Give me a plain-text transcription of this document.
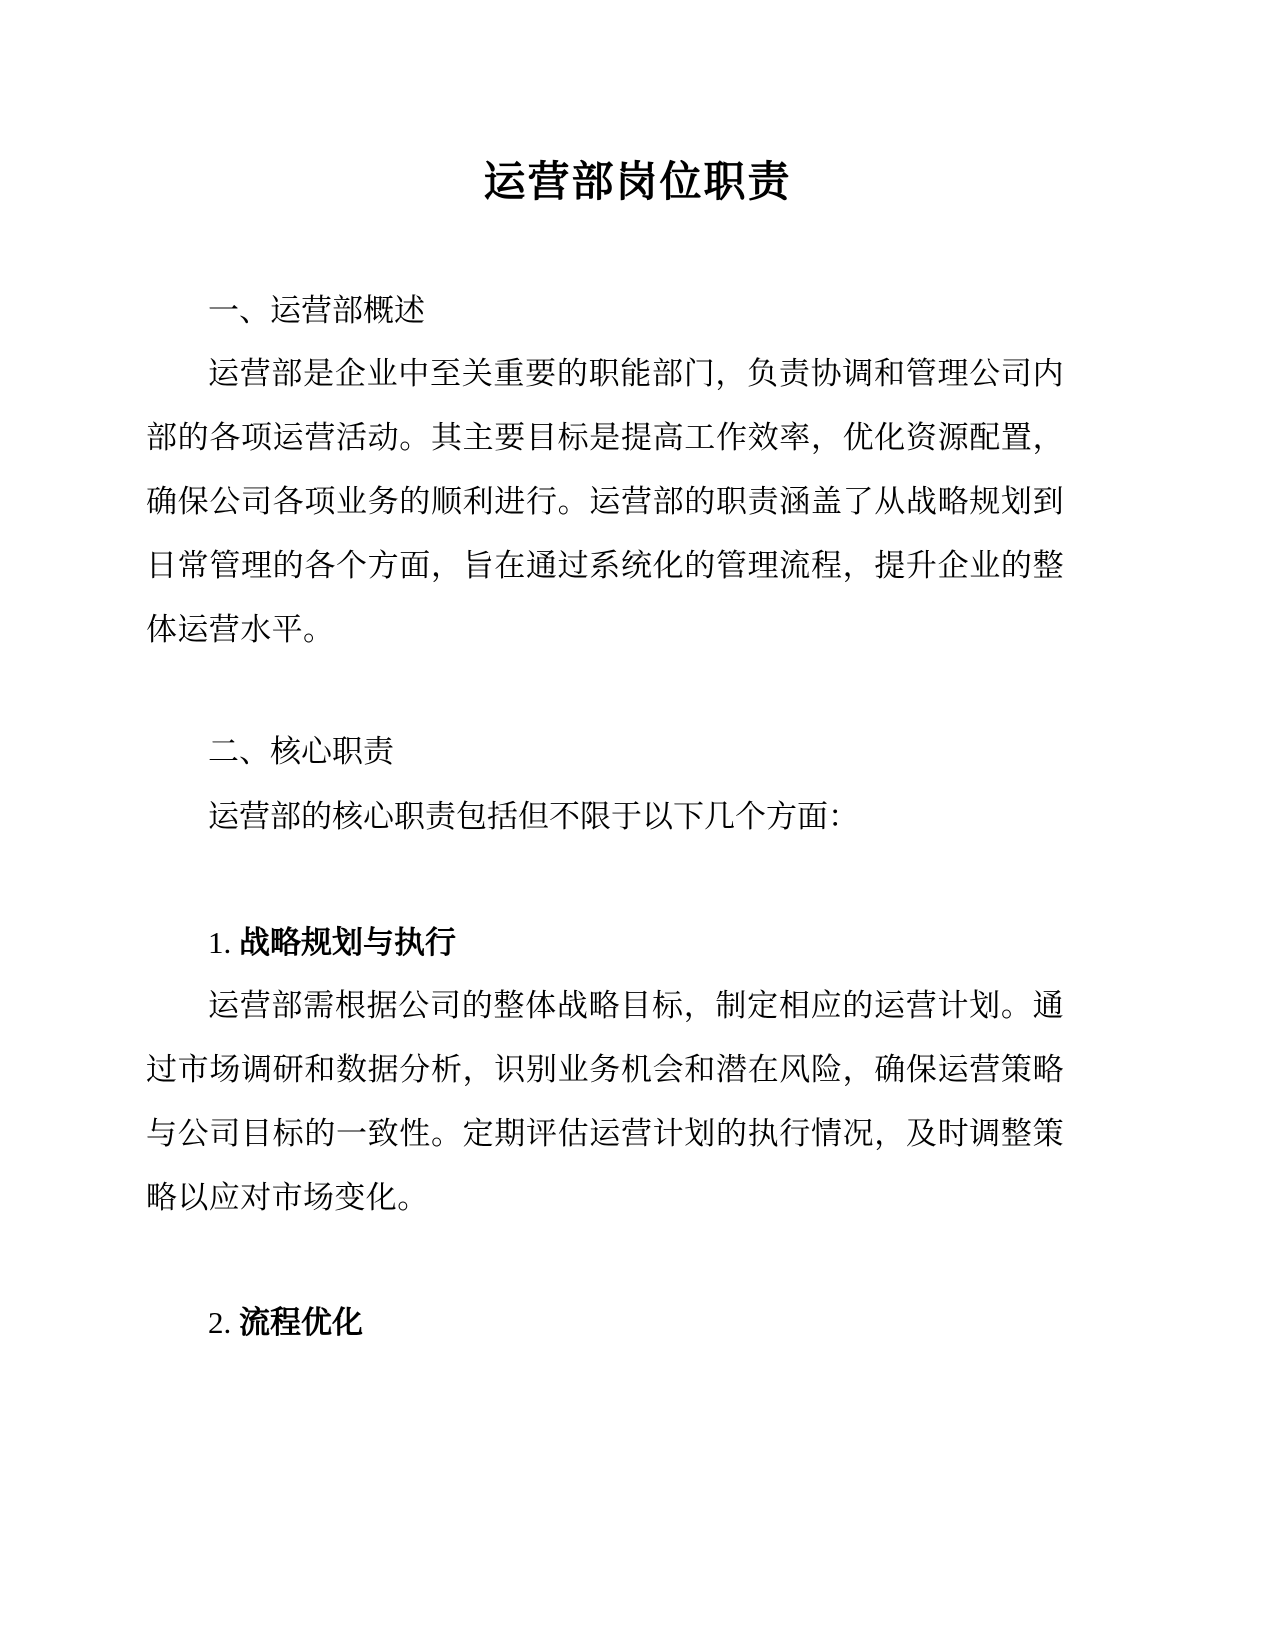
运营部岗位职责
一、运营部概述
运营部是企业中至关重要的职能部门，负责协调和管理公司内部的各项运营活动。其主要目标是提高工作效率，优化资源配置，确保公司各项业务的顺利进行。运营部的职责涵盖了从战略规划到日常管理的各个方面，旨在通过系统化的管理流程，提升企业的整体运营水平。
二、核心职责
运营部的核心职责包括但不限于以下几个方面：
1. 战略规划与执行
运营部需根据公司的整体战略目标，制定相应的运营计划。通过市场调研和数据分析，识别业务机会和潜在风险，确保运营策略与公司目标的一致性。定期评估运营计划的执行情况，及时调整策略以应对市场变化。
2. 流程优化
